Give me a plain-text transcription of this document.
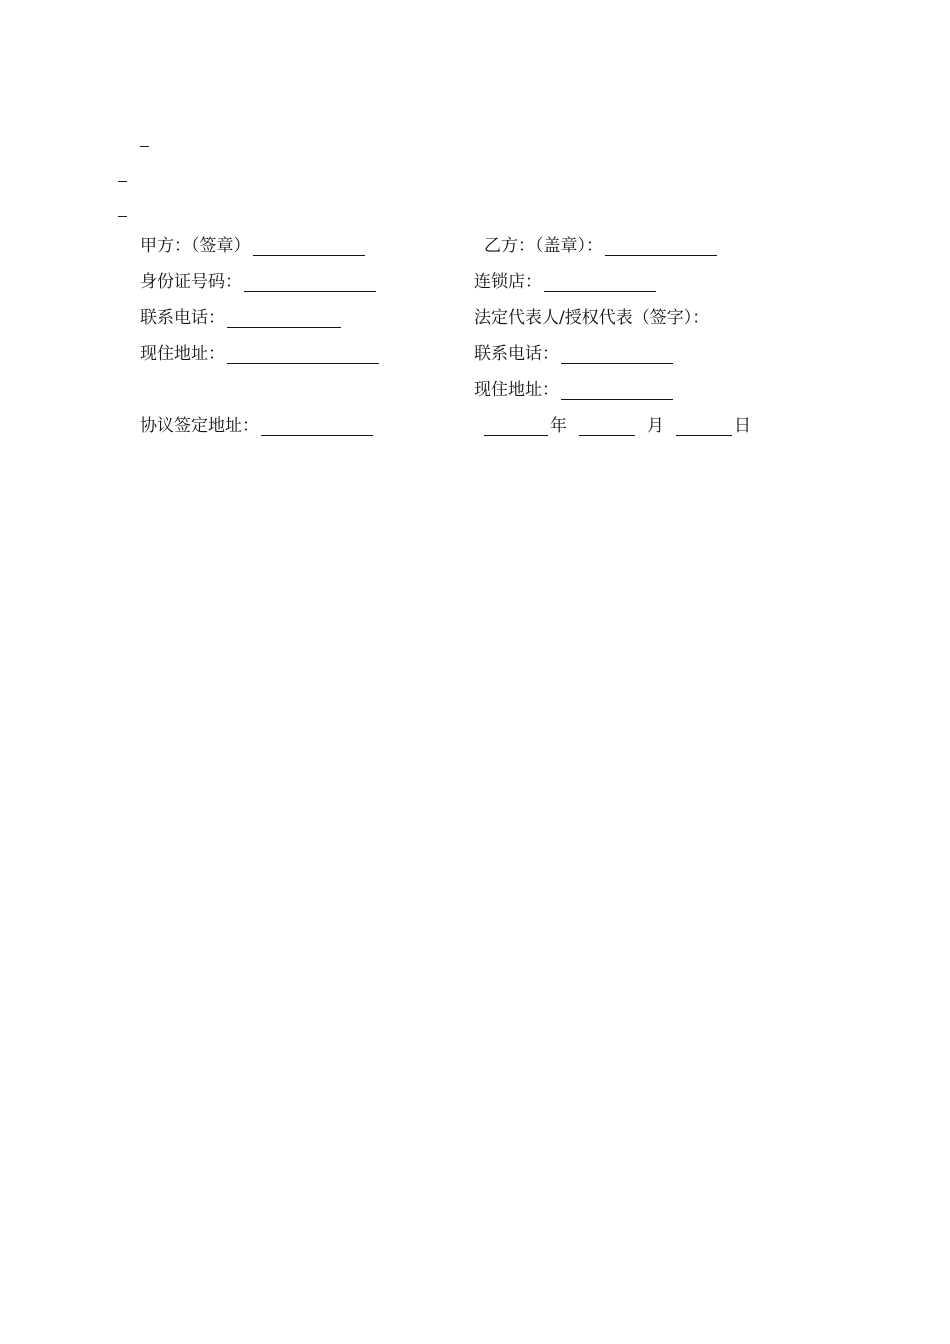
甲方：（签章）
身份证号码：
联系电话：
现住地址：
协议签定地址：
乙方：（盖章）：
连锁店：
法定代表人/授权代表（签字）：
联系电话：
现住地址：
年	月	日
